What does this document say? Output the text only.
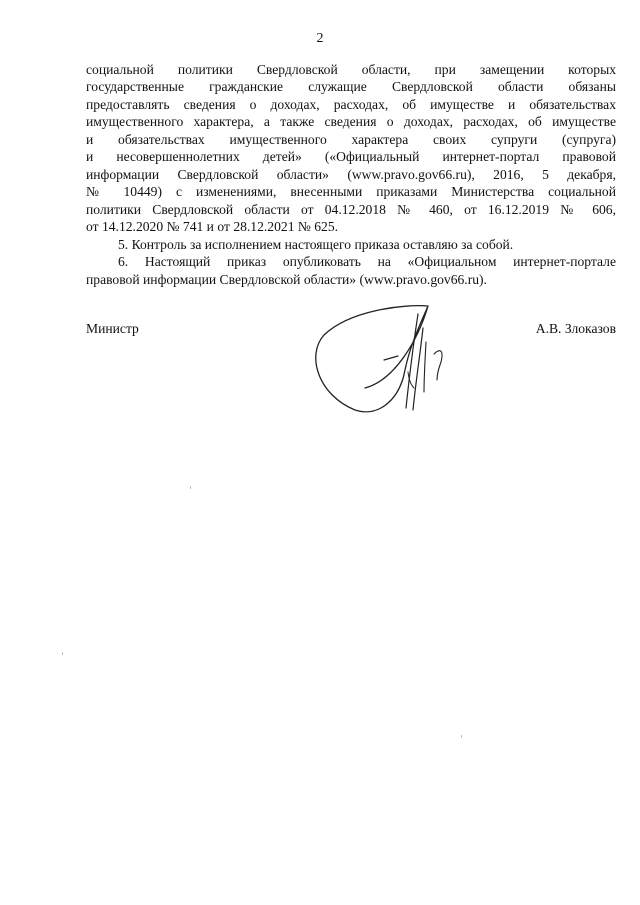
2
социальной политики Свердловской области, при замещении которых
государственные гражданские служащие Свердловской области обязаны
предоставлять сведения о доходах, расходах, об имуществе и обязательствах
имущественного характера, а также сведения о доходах, расходах, об имуществе
и обязательствах имущественного характера своих супруги (супруга)
и несовершеннолетних детей» («Официальный интернет-портал правовой
информации Свердловской области» (www.pravo.gov66.ru), 2016, 5 декабря,
№ 10449) с изменениями, внесенными приказами Министерства социальной
политики Свердловской области от 04.12.2018 № 460, от 16.12.2019 № 606,
от 14.12.2020 № 741 и от 28.12.2021 № 625.
5. Контроль за исполнением настоящего приказа оставляю за собой.
6. Настоящий приказ опубликовать на «Официальном интернет-портале
правовой информации Свердловской области» (www.pravo.gov66.ru).
Министр	А.В. Злоказов
